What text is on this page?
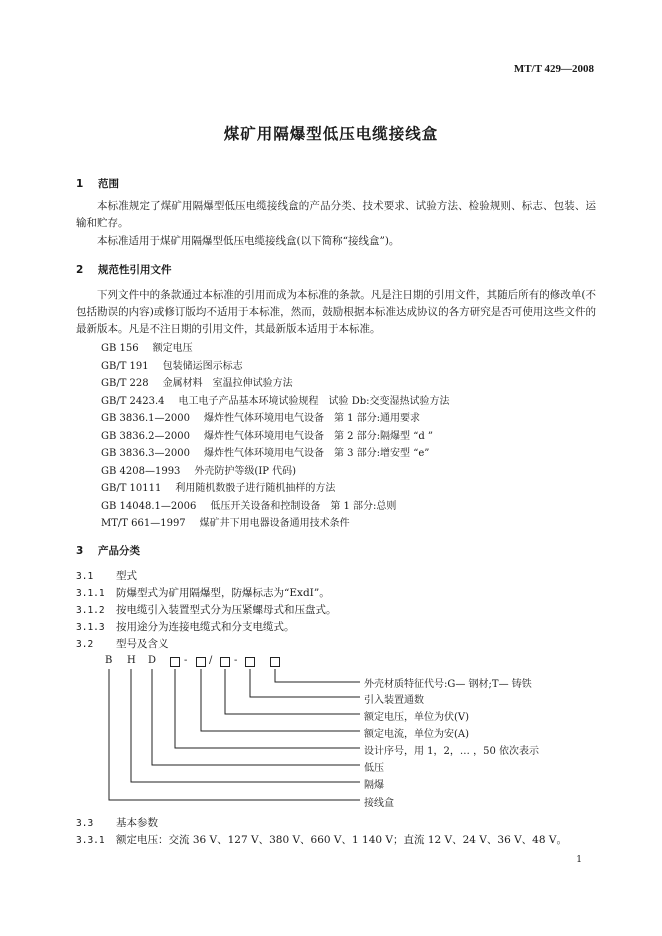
MT/T 429—2008
煤矿用隔爆型低压电缆接线盒
1 范围
本标准规定了煤矿用隔爆型低压电缆接线盒的产品分类、技术要求、试验方法、检验规则、标志、包装、运输和贮存。
本标准适用于煤矿用隔爆型低压电缆接线盒(以下简称“接线盒”)。
2 规范性引用文件
下列文件中的条款通过本标准的引用而成为本标准的条款。凡是注日期的引用文件，其随后所有的修改单(不包括勘误的内容)或修订版均不适用于本标准，然而，鼓励根据本标准达成协议的各方研究是否可使用这些文件的最新版本。凡是不注日期的引用文件，其最新版本适用于本标准。
GB 156 额定电压
GB/T 191 包装储运图示标志
GB/T 228 金属材料　室温拉伸试验方法
GB/T 2423.4 电工电子产品基本环境试验规程　试验 Db:交变湿热试验方法
GB 3836.1—2000 爆炸性气体环境用电气设备　第 1 部分:通用要求
GB 3836.2—2000 爆炸性气体环境用电气设备　第 2 部分:隔爆型 “d ”
GB 3836.3—2000 爆炸性气体环境用电气设备　第 3 部分:增安型 “e”
GB 4208—1993 外壳防护等级(IP 代码)
GB/T 10111 利用随机数骰子进行随机抽样的方法
GB 14048.1—2006 低压开关设备和控制设备　第 1 部分:总则
MT/T 661—1997 煤矿井下用电器设备通用技术条件
3 产品分类
3.1 型式
3.1.1 防爆型式为矿用隔爆型，防爆标志为“ExdI”。
3.1.2 按电缆引入装置型式分为压紧螺母式和压盘式。
3.1.3 按用途分为连接电缆式和分支电缆式。
3.2 型号及含义
B H D	- / -
外壳材质特征代号:G— 钢材;T— 铸铁
引入装置通数
额定电压，单位为伏(V)
额定电流，单位为安(A)
设计序号，用 1，2，… ，50 依次表示
低压
隔爆
接线盒
3.3 基本参数
3.3.1 额定电压：交流 36 V、127 V、380 V、660 V、1 140 V；直流 12 V、24 V、36 V、48 V。
1
